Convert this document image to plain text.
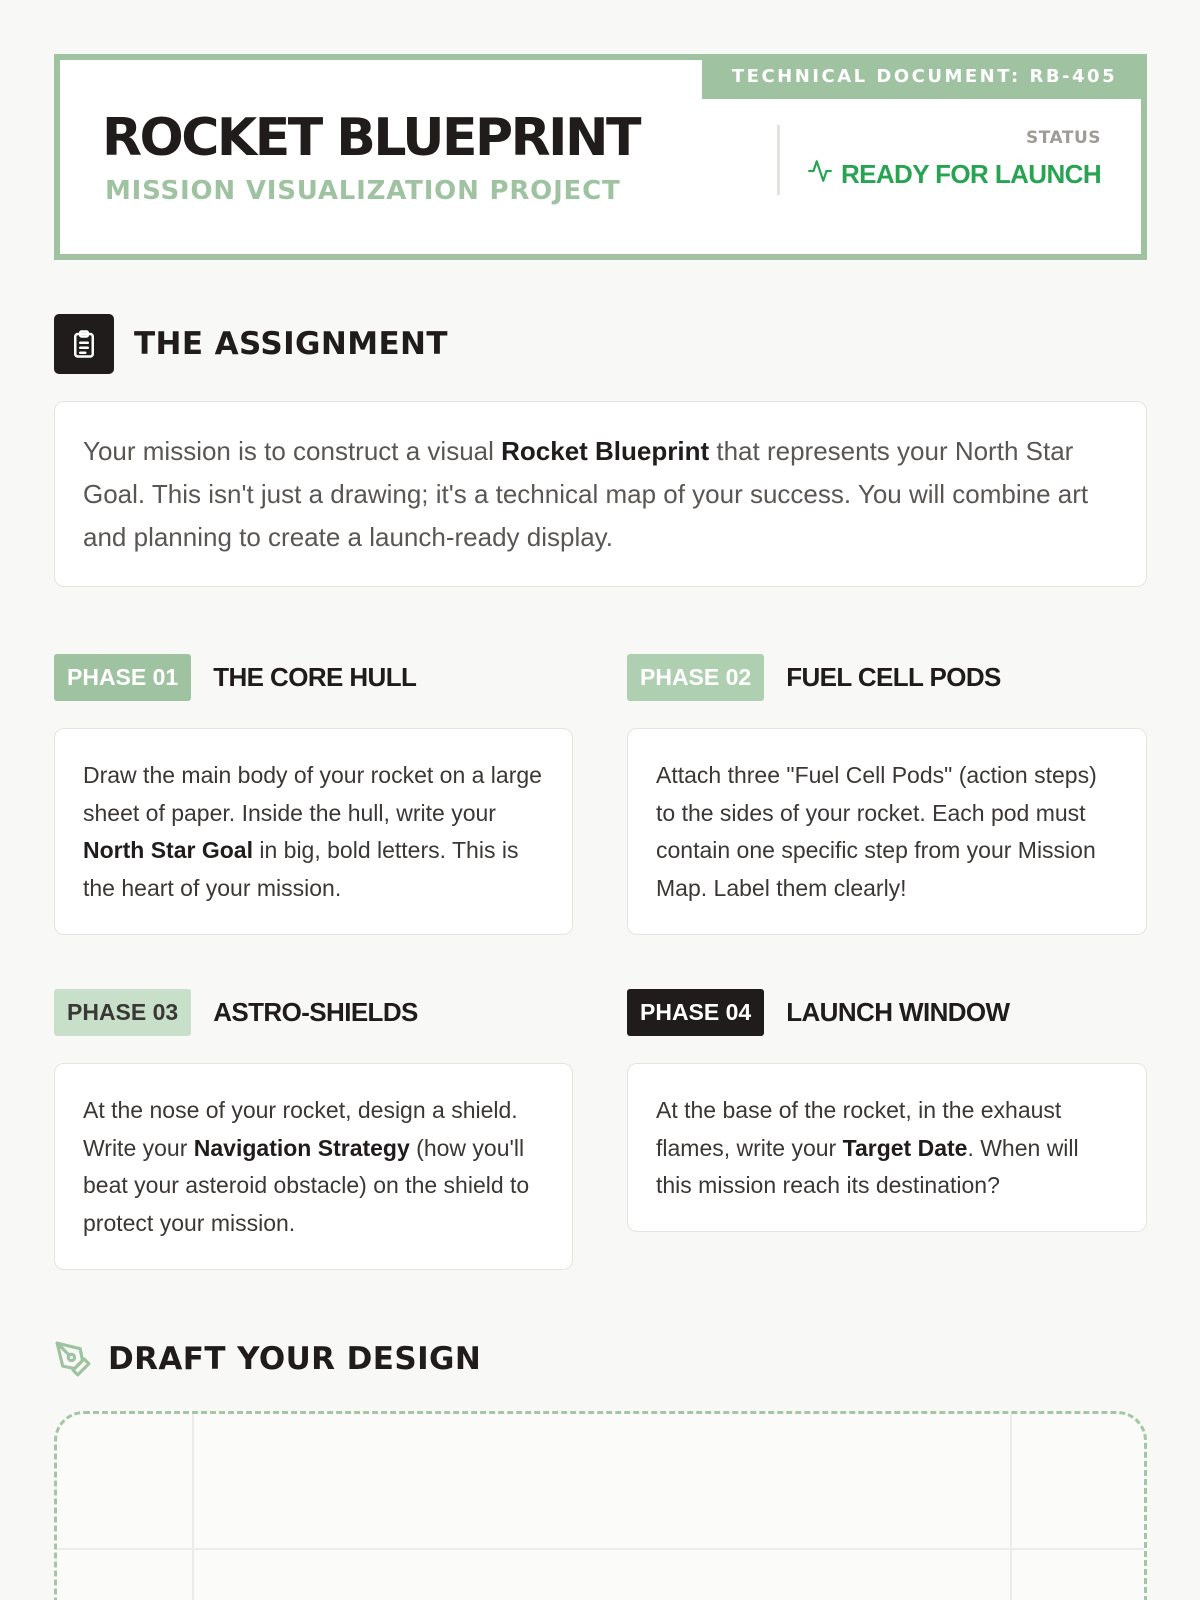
TECHNICAL DOCUMENT: RB-405
ROCKET BLUEPRINT
MISSION VISUALIZATION PROJECT
STATUS
READY FOR LAUNCH
THE ASSIGNMENT

Your mission is to construct a visual Rocket Blueprint that represents your North Star Goal. This isn't just a drawing; it's a technical map of your success. You will combine art and planning to create a launch-ready display.

PHASE 01	THE CORE HULL

Draw the main body of your rocket on a large sheet of paper. Inside the hull, write your North Star Goal in big, bold letters. This is the heart of your mission.

PHASE 02	FUEL CELL PODS

Attach three "Fuel Cell Pods" (action steps) to the sides of your rocket. Each pod must contain one specific step from your Mission Map. Label them clearly!

PHASE 03	ASTRO-SHIELDS

At the nose of your rocket, design a shield. Write your Navigation Strategy (how you'll beat your asteroid obstacle) on the shield to protect your mission.

PHASE 04	LAUNCH WINDOW

At the base of the rocket, in the exhaust flames, write your Target Date. When will this mission reach its destination?

DRAFT YOUR DESIGN
